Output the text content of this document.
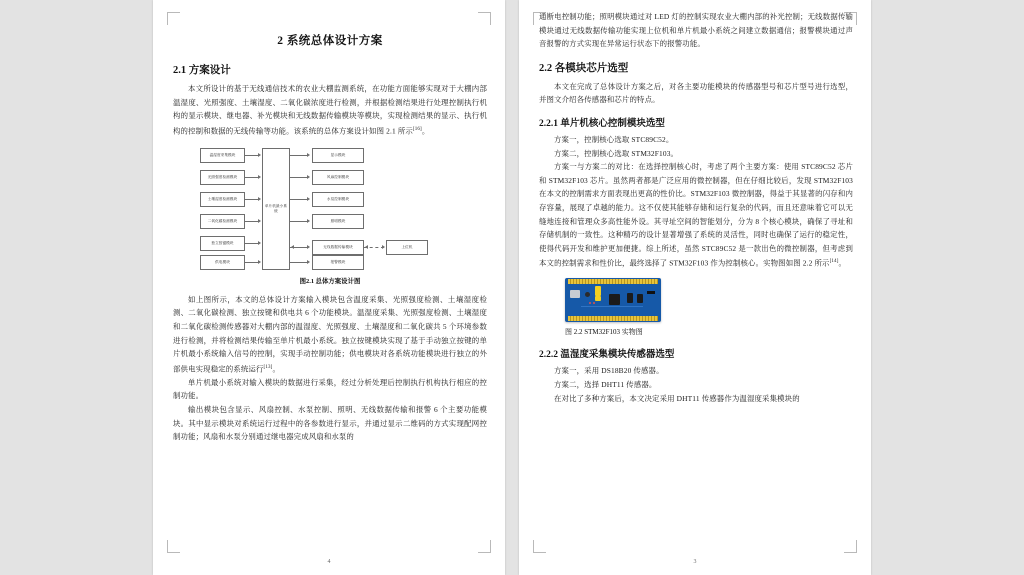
2 系统总体设计方案
2.1 方案设计

本文所设计的基于无线通信技术的农业大棚监测系统，在功能方面能够实现对于大棚内部温湿度、光照强度、土壤湿度、二氧化碳浓度进行检测，并根据检测结果进行处理控制执行机构的显示模块、继电器、补光模块和无线数据传输模块等模块，实现检测结果的显示、执行机构的控制和数据的无线传输等功能。该系统的总体方案设计如图 2.1 所示[16]。

温湿度采集模块
光照强度检测模块
土壤湿度检测模块
二氧化碳检测模块
独立按键模块
供电模块
单片机最小系统
显示模块
风扇控制模块
水泵控制模块
照明模块
无线数据传输模块
报警模块
上位机
图2.1 总体方案设计图

如上图所示，本文的总体设计方案输入模块包含温度采集、光照强度检测、土壤湿度检测、二氧化碳检测、独立按键和供电共 6 个功能模块。温湿度采集、光照强度检测、土壤湿度和二氧化碳检测传感器对大棚内部的温湿度、光照强度、土壤湿度和二氧化碳共 5 个环境参数进行检测，并将检测结果传输至单片机最小系统。独立按键模块实现了基于手动独立按键的单片机最小系统输入信号的控制，实现手动控制功能；供电模块对各系统功能模块进行独立的外部供电实现稳定的系统运行[13]。

单片机最小系统对输入模块的数据进行采集，经过分析处理后控制执行机构执行相应的控制功能。

输出模块包含显示、风扇控制、水泵控制、照明、无线数据传输和报警 6 个主要功能模块。其中显示模块对系统运行过程中的各参数进行显示，并通过显示二维码的方式实现配网控制功能；风扇和水泵分别通过继电器完成风扇和水泵的

4

通断电控制功能；照明模块通过对 LED 灯的控制实现农业大棚内部的补光控制；无线数据传输模块通过无线数据传输功能实现上位机和单片机最小系统之间建立数据通信；报警模块通过声音报警的方式实现在异常运行状态下的报警功能。

2.2 各模块芯片选型

本文在完成了总体设计方案之后，对各主要功能模块的传感器型号和芯片型号进行选型，并图文介绍各传感器和芯片的特点。

2.2.1 单片机核心控制模块选型

方案一，控制核心选取 STC89C52。

方案二，控制核心选取 STM32F103。

方案一与方案二的对比：在选择控制核心时，考虑了两个主要方案：使用 STC89C52 芯片和 STM32F103 芯片。虽然两者都是广泛应用的微控制器，但在仔细比较后，发现 STM32F103 在本文的控制需求方面表现出更高的性价比。STM32F103 微控制器，得益于其显著的闪存和内存容量，展现了卓越的能力。这不仅使其能够存储和运行复杂的代码，而且还意味着它可以无缝地连接和管理众多高性能外设。其寻址空间的智能划分，分为 8 个核心模块，确保了寻址和存储机制的一致性。这种精巧的设计显著增强了系统的灵活性，同时也确保了运行的稳定性，使得代码开发和维护更加便捷。综上所述，虽然 STC89C52 是一款出色的微控制器，但考虑到本文的控制需求和性价比，最终选择了 STM32F103 作为控制核心。实物图如图 2.2 所示[14]。

图 2.2 STM32F103 实物图
2.2.2 温湿度采集模块传感器选型

方案一，采用 DS18B20 传感器。

方案二，选择 DHT11 传感器。

在对比了多种方案后，本文决定采用 DHT11 传感器作为温湿度采集模块的

3
